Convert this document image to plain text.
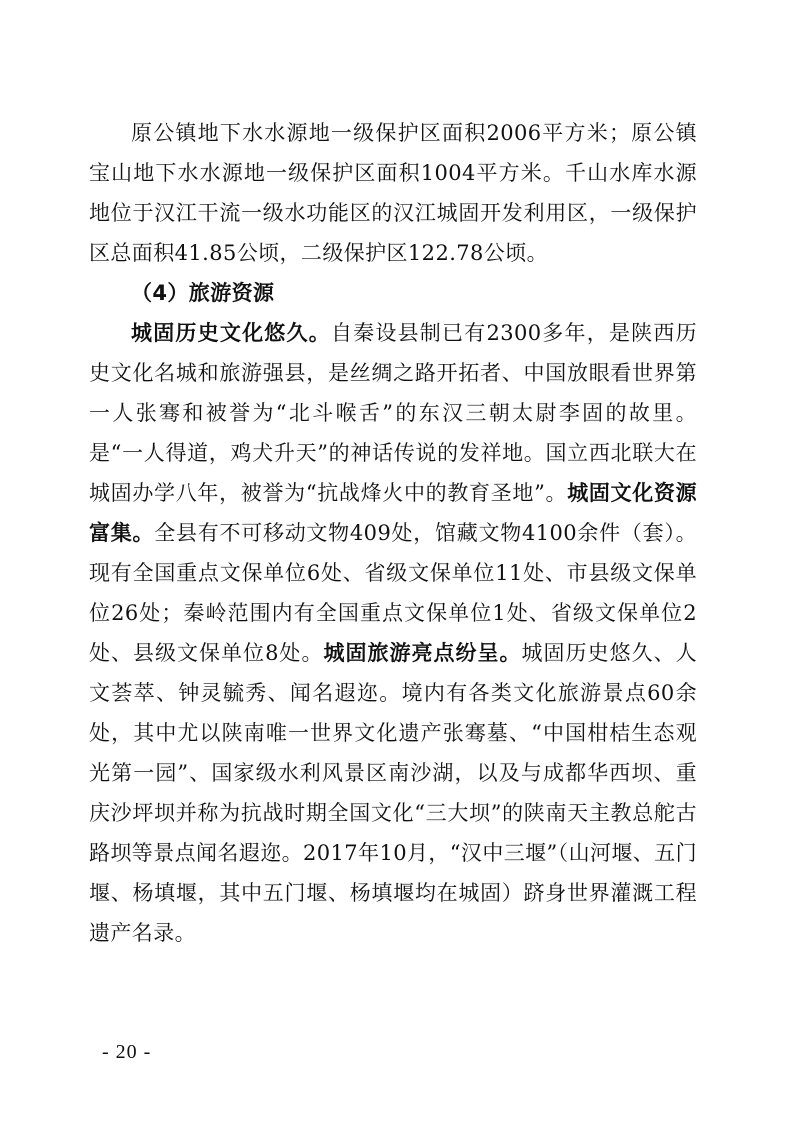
原公镇地下水水源地一级保护区面积2006平方米；原公镇宝山地下水水源地一级保护区面积1004平方米。千山水库水源地位于汉江干流一级水功能区的汉江城固开发利用区，一级保护区总面积41.85公顷，二级保护区122.78公顷。

（4）旅游资源

城固历史文化悠久。自秦设县制已有2300多年，是陕西历史文化名城和旅游强县，是丝绸之路开拓者、中国放眼看世界第一人张骞和被誉为“北斗喉舌”的东汉三朝太尉李固的故里。是“一人得道，鸡犬升天”的神话传说的发祥地。国立西北联大在城固办学八年，被誉为“抗战烽火中的教育圣地”。城固文化资源富集。全县有不可移动文物409处，馆藏文物4100余件（套）。现有全国重点文保单位6处、省级文保单位11处、市县级文保单位26处；秦岭范围内有全国重点文保单位1处、省级文保单位2处、县级文保单位8处。城固旅游亮点纷呈。城固历史悠久、人文荟萃、钟灵毓秀、闻名遐迩。境内有各类文化旅游景点60余处，其中尤以陕南唯一世界文化遗产张骞墓、“中国柑桔生态观光第一园”、国家级水利风景区南沙湖，以及与成都华西坝、重庆沙坪坝并称为抗战时期全国文化“三大坝”的陕南天主教总舵古路坝等景点闻名遐迩。2017年10月，“汉中三堰”（山河堰、五门堰、杨填堰，其中五门堰、杨填堰均在城固）跻身世界灌溉工程遗产名录。

- 20 -
